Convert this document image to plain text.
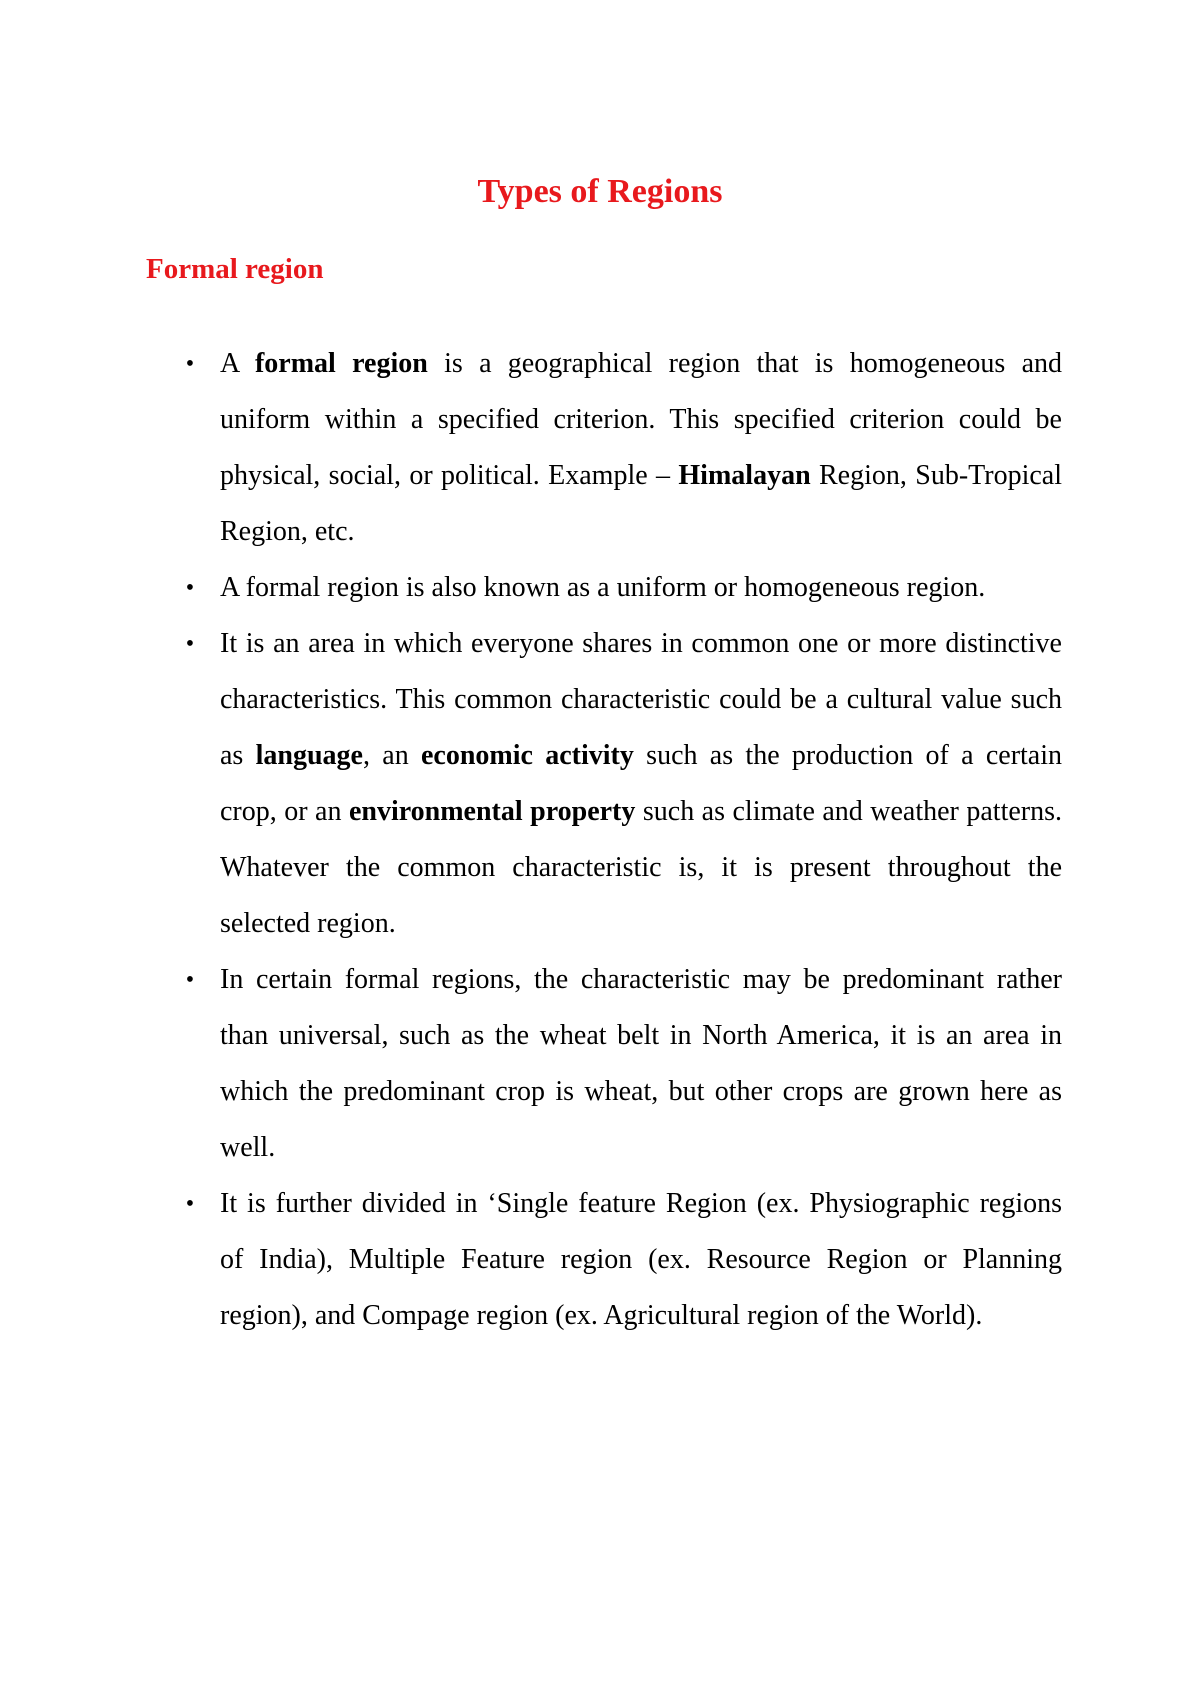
Types of Regions
Formal region
• A formal region is a geographical region that is homogeneous and uniform within a specified criterion. This specified criterion could be physical, social, or political. Example – Himalayan Region, Sub-Tropical Region, etc.
• A formal region is also known as a uniform or homogeneous region.
• It is an area in which everyone shares in common one or more distinctive characteristics. This common characteristic could be a cultural value such as language, an economic activity such as the production of a certain crop, or an environmental property such as climate and weather patterns. Whatever the common characteristic is, it is present throughout the selected region.
• In certain formal regions, the characteristic may be predominant rather than universal, such as the wheat belt in North America, it is an area in which the predominant crop is wheat, but other crops are grown here as well.
• It is further divided in ‘Single feature Region (ex. Physiographic regions of India), Multiple Feature region (ex. Resource Region or Planning region), and Compage region (ex. Agricultural region of the World).
